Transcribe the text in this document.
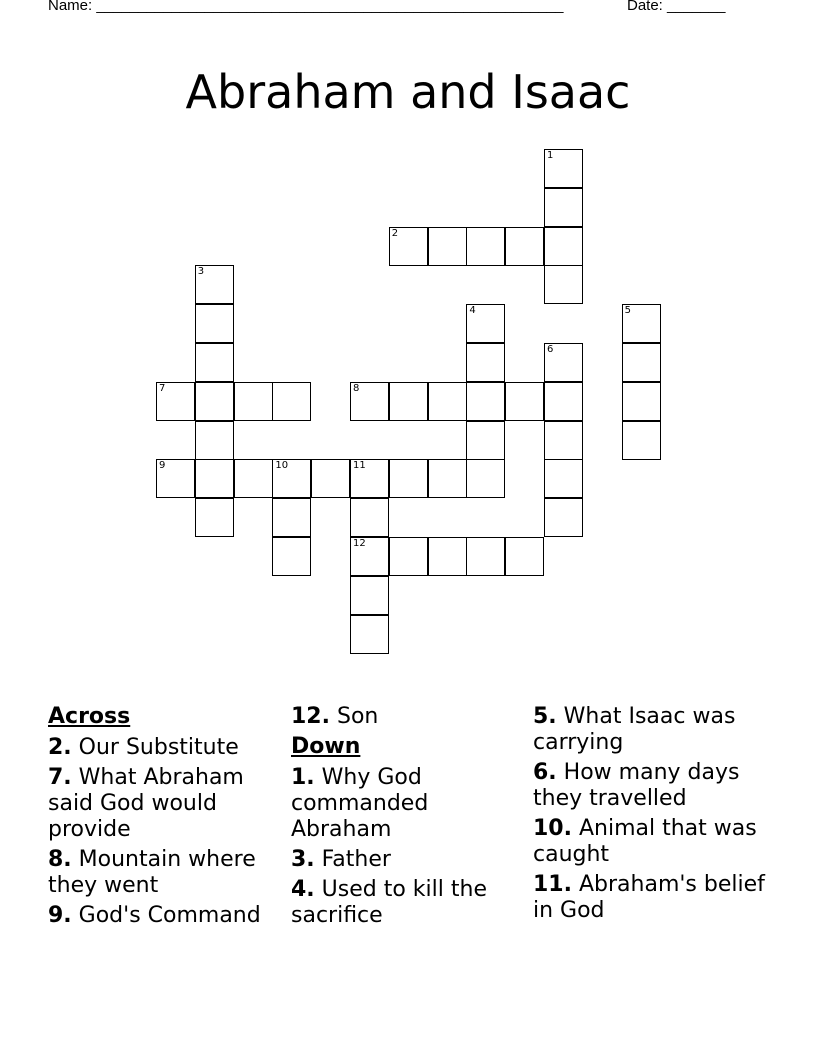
Name: ________________________________________________________	Date: _______
Abraham and Isaac
1
2
3
4	5
6
7	8
9	10	11
12
Across
2. Our Substitute
7. What Abraham said God would provide
8. Mountain where they went
9. God's Command
12. Son
Down
1. Why God commanded Abraham
3. Father
4. Used to kill the sacrifice
5. What Isaac was carrying
6. How many days they travelled
10. Animal that was caught
11. Abraham's belief in God
